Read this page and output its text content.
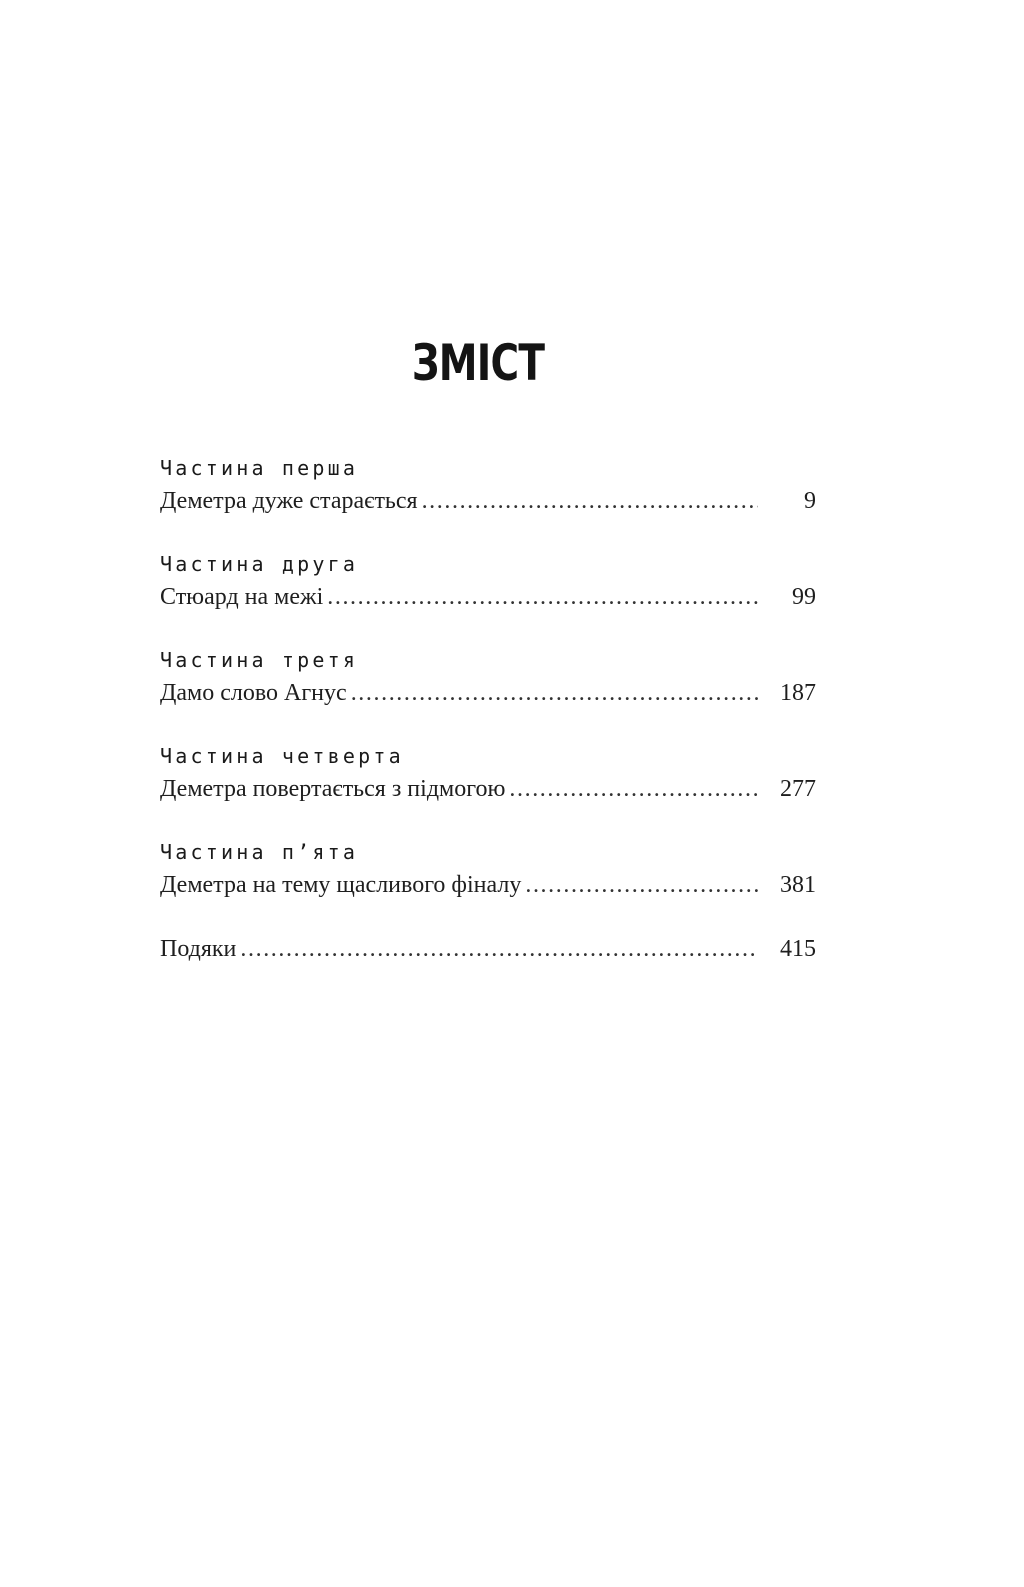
ЗМІСТ
Частина перша
Деметра дуже старається . . .	9
Частина друга
Стюард на межі . . .	99
Частина третя
Дамо слово Агнус . . .	187
Частина четверта
Деметра повертається з підмогою . . .	277
Частина п’ята
Деметра на тему щасливого фіналу . . .	381
Подяки . . .	415
